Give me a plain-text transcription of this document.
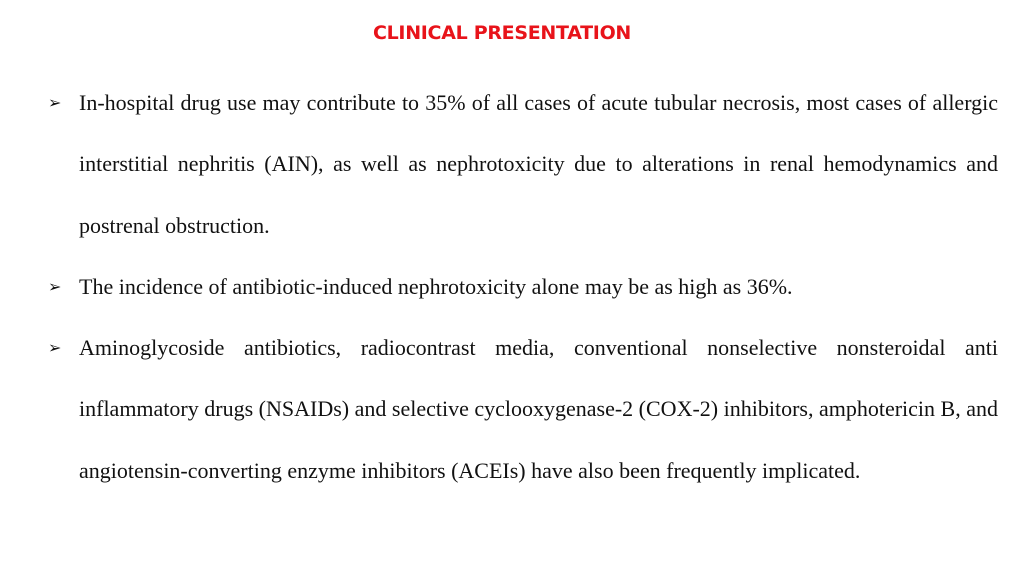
CLINICAL PRESENTATION
➢ In-hospital drug use may contribute to 35% of all cases of acute tubular necrosis, most cases of allergic interstitial nephritis (AIN), as well as nephrotoxicity due to alterations in renal hemodynamics and postrenal obstruction.
➢ The incidence of antibiotic-induced nephrotoxicity alone may be as high as 36%.
➢ Aminoglycoside antibiotics, radiocontrast media, conventional nonselective nonsteroidal anti inflammatory drugs (NSAIDs) and selective cyclooxygenase-2 (COX-2) inhibitors, amphotericin B, and angiotensin-converting enzyme inhibitors (ACEIs) have also been frequently implicated.
